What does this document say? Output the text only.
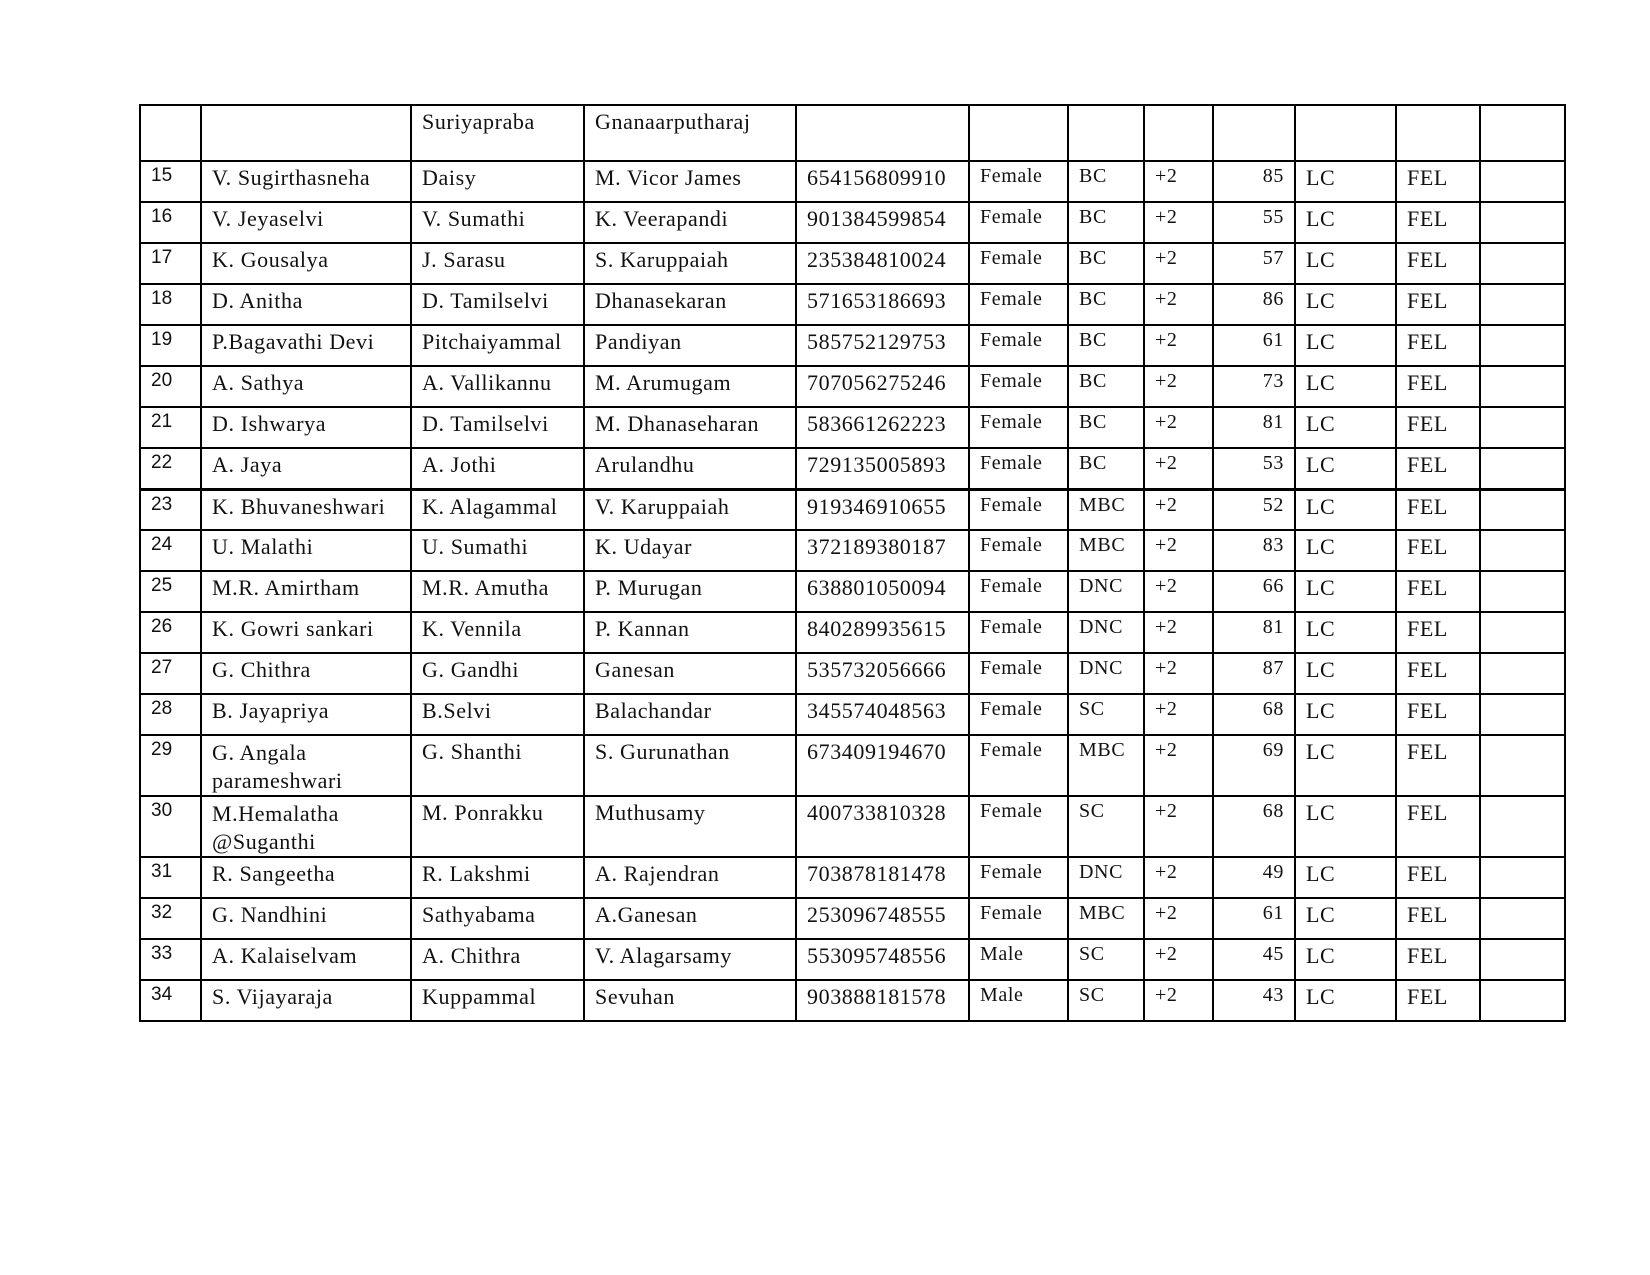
		Suriyapraba	Gnanaarputharaj								
15	V. Sugirthasneha	Daisy	M. Vicor James	654156809910	Female	BC	+2	85	LC	FEL	
16	V. Jeyaselvi	V. Sumathi	K. Veerapandi	901384599854	Female	BC	+2	55	LC	FEL	
17	K. Gousalya	J. Sarasu	S. Karuppaiah	235384810024	Female	BC	+2	57	LC	FEL	
18	D. Anitha	D. Tamilselvi	Dhanasekaran	571653186693	Female	BC	+2	86	LC	FEL	
19	P.Bagavathi Devi	Pitchaiyammal	Pandiyan	585752129753	Female	BC	+2	61	LC	FEL	
20	A. Sathya	A. Vallikannu	M. Arumugam	707056275246	Female	BC	+2	73	LC	FEL	
21	D. Ishwarya	D. Tamilselvi	M. Dhanaseharan	583661262223	Female	BC	+2	81	LC	FEL	
22	A. Jaya	A. Jothi	Arulandhu	729135005893	Female	BC	+2	53	LC	FEL	
23	K. Bhuvaneshwari	K. Alagammal	V. Karuppaiah	919346910655	Female	MBC	+2	52	LC	FEL	
24	U. Malathi	U. Sumathi	K. Udayar	372189380187	Female	MBC	+2	83	LC	FEL	
25	M.R. Amirtham	M.R. Amutha	P. Murugan	638801050094	Female	DNC	+2	66	LC	FEL	
26	K. Gowri sankari	K. Vennila	P. Kannan	840289935615	Female	DNC	+2	81	LC	FEL	
27	G. Chithra	G. Gandhi	Ganesan	535732056666	Female	DNC	+2	87	LC	FEL	
28	B. Jayapriya	B.Selvi	Balachandar	345574048563	Female	SC	+2	68	LC	FEL	
29	G. Angala parameshwari	G. Shanthi	S. Gurunathan	673409194670	Female	MBC	+2	69	LC	FEL	
30	M.Hemalatha @Suganthi	M. Ponrakku	Muthusamy	400733810328	Female	SC	+2	68	LC	FEL	
31	R. Sangeetha	R. Lakshmi	A. Rajendran	703878181478	Female	DNC	+2	49	LC	FEL	
32	G. Nandhini	Sathyabama	A.Ganesan	253096748555	Female	MBC	+2	61	LC	FEL	
33	A. Kalaiselvam	A. Chithra	V. Alagarsamy	553095748556	Male	SC	+2	45	LC	FEL	
34	S. Vijayaraja	Kuppammal	Sevuhan	903888181578	Male	SC	+2	43	LC	FEL	
